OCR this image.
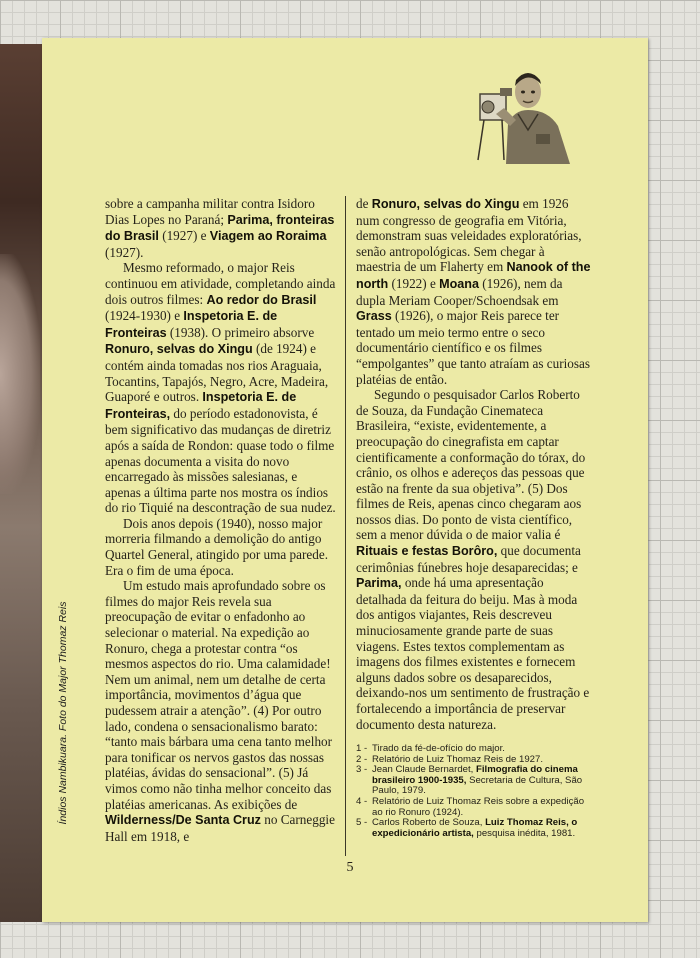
Índios Nambikuara. Foto do Major Thomaz Reis

sobre a campanha militar contra Isidoro Dias Lopes no Paraná; Parima, fronteiras do Brasil (1927) e Viagem ao Roraima (1927).

Mesmo reformado, o major Reis continuou em atividade, completando ainda dois outros filmes: Ao redor do Brasil (1924-1930) e Inspetoria E. de Fronteiras (1938). O primeiro absorve Ronuro, selvas do Xingu (de 1924) e contém ainda tomadas nos rios Araguaia, Tocantins, Tapajós, Negro, Acre, Madeira, Guaporé e outros. Inspetoria E. de Fronteiras, do período estadonovista, é bem significativo das mudanças de diretriz após a saída de Rondon: quase todo o filme apenas documenta a visita do novo encarregado às missões salesianas, e apenas a última parte nos mostra os índios do rio Tiquié na descontração de sua nudez.

Dois anos depois (1940), nosso major morreria filmando a demolição do antigo Quartel General, atingido por uma parede. Era o fim de uma época.

Um estudo mais aprofundado sobre os filmes do major Reis revela sua preocupação de evitar o enfadonho ao selecionar o material. Na expedição ao Ronuro, chega a protestar contra “os mesmos aspectos do rio. Uma calamidade! Nem um animal, nem um detalhe de certa importância, movimentos d’água que pudessem atrair a atenção”. (4) Por outro lado, condena o sensacionalismo barato: “tanto mais bárbara uma cena tanto melhor para tonificar os nervos gastos das nossas platéias, ávidas do sensacional”. (5) Já vimos como não tinha melhor conceito das platéias americanas. As exibições de Wilderness/De Santa Cruz no Carneggie Hall em 1918, e

de Ronuro, selvas do Xingu em 1926 num congresso de geografia em Vitória, demonstram suas veleidades exploratórias, senão antropológicas. Sem chegar à maestria de um Flaherty em Nanook of the north (1922) e Moana (1926), nem da dupla Meriam Cooper/Schoendsak em Grass (1926), o major Reis parece ter tentado um meio termo entre o seco documentário científico e os filmes “empolgantes” que tanto atraíam as curiosas platéias de então.

Segundo o pesquisador Carlos Roberto de Souza, da Fundação Cinemateca Brasileira, “existe, evidentemente, a preocupação do cinegrafista em captar cientificamente a conformação do tórax, do crânio, os olhos e adereços das pessoas que estão na frente da sua objetiva”. (5) Dos filmes de Reis, apenas cinco chegaram aos nossos dias. Do ponto de vista científico, sem a menor dúvida o de maior valia é Rituais e festas Borôro, que documenta cerimônias fúnebres hoje desaparecidas; e Parima, onde há uma apresentação detalhada da feitura do beiju. Mas à moda dos antigos viajantes, Reis descreveu minuciosamente grande parte de suas viagens. Estes textos complementam as imagens dos filmes existentes e fornecem alguns dados sobre os desaparecidos, deixando-nos um sentimento de frustração e fortalecendo a importância de preservar documento desta natureza.

1 - Tirado da fé-de-ofício do major.
2 - Relatório de Luiz Thomaz Reis de 1927.
3 - Jean Claude Bernardet, Filmografia do cinema brasileiro 1900-1935, Secretaria de Cultura, São Paulo, 1979.
4 - Relatório de Luiz Thomaz Reis sobre a expedição ao rio Ronuro (1924).
5 - Carlos Roberto de Souza, Luiz Thomaz Reis, o expedicionário artista, pesquisa inédita, 1981.
5
